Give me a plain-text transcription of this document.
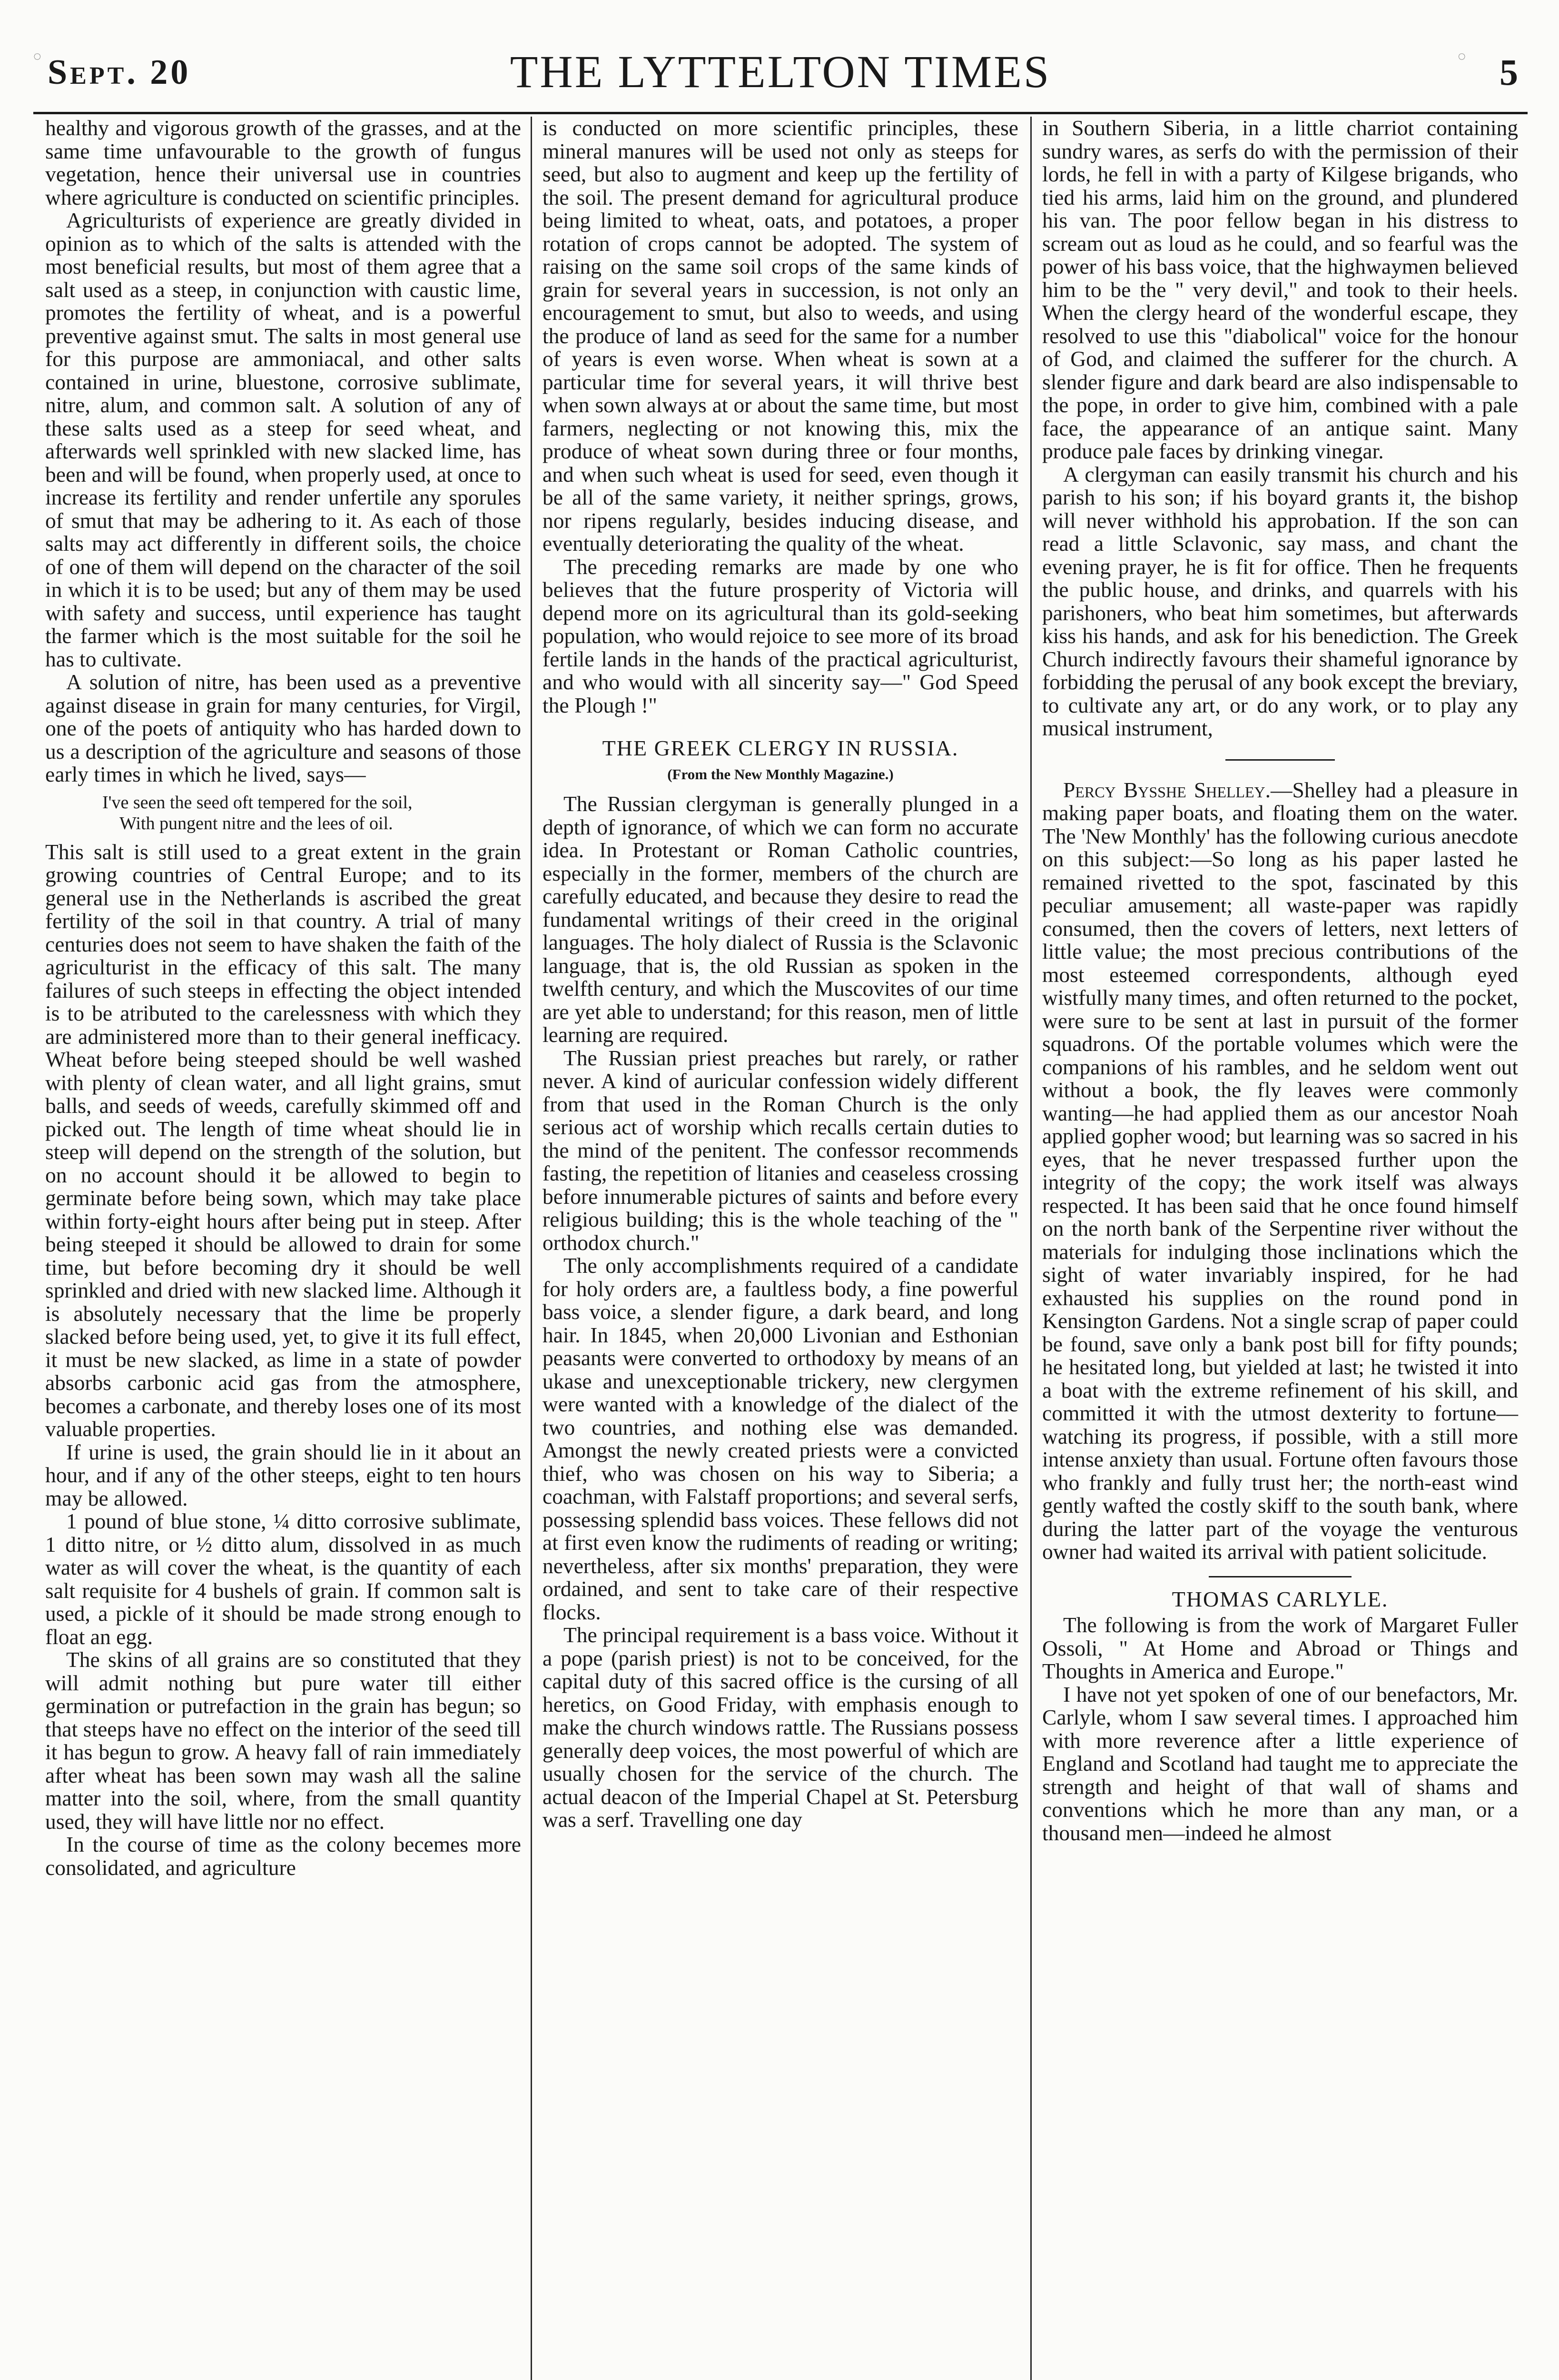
◌ Sept. 20	THE LYTTELTON TIMES	◌ 5

healthy and vigorous growth of the grasses, and at the same time unfavourable to the growth of fungus vegetation, hence their universal use in countries where agriculture is conducted on scientific principles.

Agriculturists of experience are greatly divided in opinion as to which of the salts is attended with the most beneficial results, but most of them agree that a salt used as a steep, in conjunction with caustic lime, promotes the fertility of wheat, and is a powerful preventive against smut. The salts in most general use for this purpose are ammoniacal, and other salts contained in urine, bluestone, corrosive sublimate, nitre, alum, and common salt. A solution of any of these salts used as a steep for seed wheat, and afterwards well sprinkled with new slacked lime, has been and will be found, when properly used, at once to increase its fertility and render unfertile any sporules of smut that may be adhering to it. As each of those salts may act differently in different soils, the choice of one of them will depend on the character of the soil in which it is to be used; but any of them may be used with safety and success, until experience has taught the farmer which is the most suitable for the soil he has to cultivate.

A solution of nitre, has been used as a preventive against disease in grain for many centuries, for Virgil, one of the poets of antiquity who has harded down to us a description of the agriculture and seasons of those early times in which he lived, says—

I've seen the seed oft tempered for the soil,
With pungent nitre and the lees of oil.

This salt is still used to a great extent in the grain growing countries of Central Europe; and to its general use in the Netherlands is ascribed the great fertility of the soil in that country. A trial of many centuries does not seem to have shaken the faith of the agriculturist in the efficacy of this salt. The many failures of such steeps in effecting the object intended is to be atributed to the carelessness with which they are administered more than to their general inefficacy. Wheat before being steeped should be well washed with plenty of clean water, and all light grains, smut balls, and seeds of weeds, carefully skimmed off and picked out. The length of time wheat should lie in steep will depend on the strength of the solution, but on no account should it be allowed to begin to germinate before being sown, which may take place within forty-eight hours after being put in steep. After being steeped it should be allowed to drain for some time, but before becoming dry it should be well sprinkled and dried with new slacked lime. Although it is absolutely necessary that the lime be properly slacked before being used, yet, to give it its full effect, it must be new slacked, as lime in a state of powder absorbs carbonic acid gas from the atmosphere, becomes a carbonate, and thereby loses one of its most valuable properties.

If urine is used, the grain should lie in it about an hour, and if any of the other steeps, eight to ten hours may be allowed.

1 pound of blue stone, ¼ ditto corrosive sublimate, 1 ditto nitre, or ½ ditto alum, dissolved in as much water as will cover the wheat, is the quantity of each salt requisite for 4 bushels of grain. If common salt is used, a pickle of it should be made strong enough to float an egg.

The skins of all grains are so constituted that they will admit nothing but pure water till either germination or putrefaction in the grain has begun; so that steeps have no effect on the interior of the seed till it has begun to grow. A heavy fall of rain immediately after wheat has been sown may wash all the saline matter into the soil, where, from the small quantity used, they will have little nor no effect.

In the course of time as the colony becemes more consolidated, and agriculture

is conducted on more scientific principles, these mineral manures will be used not only as steeps for seed, but also to augment and keep up the fertility of the soil. The present demand for agricultural produce being limited to wheat, oats, and potatoes, a proper rotation of crops cannot be adopted. The system of raising on the same soil crops of the same kinds of grain for several years in succession, is not only an encouragement to smut, but also to weeds, and using the produce of land as seed for the same for a number of years is even worse. When wheat is sown at a particular time for several years, it will thrive best when sown always at or about the same time, but most farmers, neglecting or not knowing this, mix the produce of wheat sown during three or four months, and when such wheat is used for seed, even though it be all of the same variety, it neither springs, grows, nor ripens regularly, besides inducing disease, and eventually deteriorating the quality of the wheat.

The preceding remarks are made by one who believes that the future prosperity of Victoria will depend more on its agricultural than its gold-seeking population, who would rejoice to see more of its broad fertile lands in the hands of the practical agriculturist, and who would with all sincerity say—" God Speed the Plough !"

THE GREEK CLERGY IN RUSSIA.
(From the New Monthly Magazine.)

The Russian clergyman is generally plunged in a depth of ignorance, of which we can form no accurate idea. In Protestant or Roman Catholic countries, especially in the former, members of the church are carefully educated, and because they desire to read the fundamental writings of their creed in the original languages. The holy dialect of Russia is the Sclavonic language, that is, the old Russian as spoken in the twelfth century, and which the Muscovites of our time are yet able to understand; for this reason, men of little learning are required.

The Russian priest preaches but rarely, or rather never. A kind of auricular confession widely different from that used in the Roman Church is the only serious act of worship which recalls certain duties to the mind of the penitent. The confessor recommends fasting, the repetition of litanies and ceaseless crossing before innumerable pictures of saints and before every religious building; this is the whole teaching of the " orthodox church."

The only accomplishments required of a candidate for holy orders are, a faultless body, a fine powerful bass voice, a slender figure, a dark beard, and long hair. In 1845, when 20,000 Livonian and Esthonian peasants were converted to orthodoxy by means of an ukase and unexceptionable trickery, new clergymen were wanted with a knowledge of the dialect of the two countries, and nothing else was demanded. Amongst the newly created priests were a convicted thief, who was chosen on his way to Siberia; a coachman, with Falstaff proportions; and several serfs, possessing splendid bass voices. These fellows did not at first even know the rudiments of reading or writing; nevertheless, after six months' preparation, they were ordained, and sent to take care of their respective flocks.

The principal requirement is a bass voice. Without it a pope (parish priest) is not to be conceived, for the capital duty of this sacred office is the cursing of all heretics, on Good Friday, with emphasis enough to make the church windows rattle. The Russians possess generally deep voices, the most powerful of which are usually chosen for the service of the church. The actual deacon of the Imperial Chapel at St. Petersburg was a serf. Travelling one day

in Southern Siberia, in a little charriot containing sundry wares, as serfs do with the permission of their lords, he fell in with a party of Kilgese brigands, who tied his arms, laid him on the ground, and plundered his van. The poor fellow began in his distress to scream out as loud as he could, and so fearful was the power of his bass voice, that the highwaymen believed him to be the " very devil," and took to their heels. When the clergy heard of the wonderful escape, they resolved to use this "diabolical" voice for the honour of God, and claimed the sufferer for the church. A slender figure and dark beard are also indispensable to the pope, in order to give him, combined with a pale face, the appearance of an antique saint. Many produce pale faces by drinking vinegar.

A clergyman can easily transmit his church and his parish to his son; if his boyard grants it, the bishop will never withhold his approbation. If the son can read a little Sclavonic, say mass, and chant the evening prayer, he is fit for office. Then he frequents the public house, and drinks, and quarrels with his parishoners, who beat him sometimes, but afterwards kiss his hands, and ask for his benediction. The Greek Church indirectly favours their shameful ignorance by forbidding the perusal of any book except the breviary, to cultivate any art, or do any work, or to play any musical instrument,

Percy Bysshe Shelley.—Shelley had a pleasure in making paper boats, and floating them on the water. The 'New Monthly' has the following curious anecdote on this subject:—So long as his paper lasted he remained rivetted to the spot, fascinated by this peculiar amusement; all waste-paper was rapidly consumed, then the covers of letters, next letters of little value; the most precious contributions of the most esteemed correspondents, although eyed wistfully many times, and often returned to the pocket, were sure to be sent at last in pursuit of the former squadrons. Of the portable volumes which were the companions of his rambles, and he seldom went out without a book, the fly leaves were commonly wanting—he had applied them as our ancestor Noah applied gopher wood; but learning was so sacred in his eyes, that he never trespassed further upon the integrity of the copy; the work itself was always respected. It has been said that he once found himself on the north bank of the Serpentine river without the materials for indulging those inclinations which the sight of water invariably inspired, for he had exhausted his supplies on the round pond in Kensington Gardens. Not a single scrap of paper could be found, save only a bank post bill for fifty pounds; he hesitated long, but yielded at last; he twisted it into a boat with the extreme refinement of his skill, and committed it with the utmost dexterity to fortune—watching its progress, if possible, with a still more intense anxiety than usual. Fortune often favours those who frankly and fully trust her; the north-east wind gently wafted the costly skiff to the south bank, where during the latter part of the voyage the venturous owner had waited its arrival with patient solicitude.

THOMAS CARLYLE.

The following is from the work of Margaret Fuller Ossoli, " At Home and Abroad or Things and Thoughts in America and Europe."

I have not yet spoken of one of our benefactors, Mr. Carlyle, whom I saw several times. I approached him with more reverence after a little experience of England and Scotland had taught me to appreciate the strength and height of that wall of shams and conventions which he more than any man, or a thousand men—indeed he almost
